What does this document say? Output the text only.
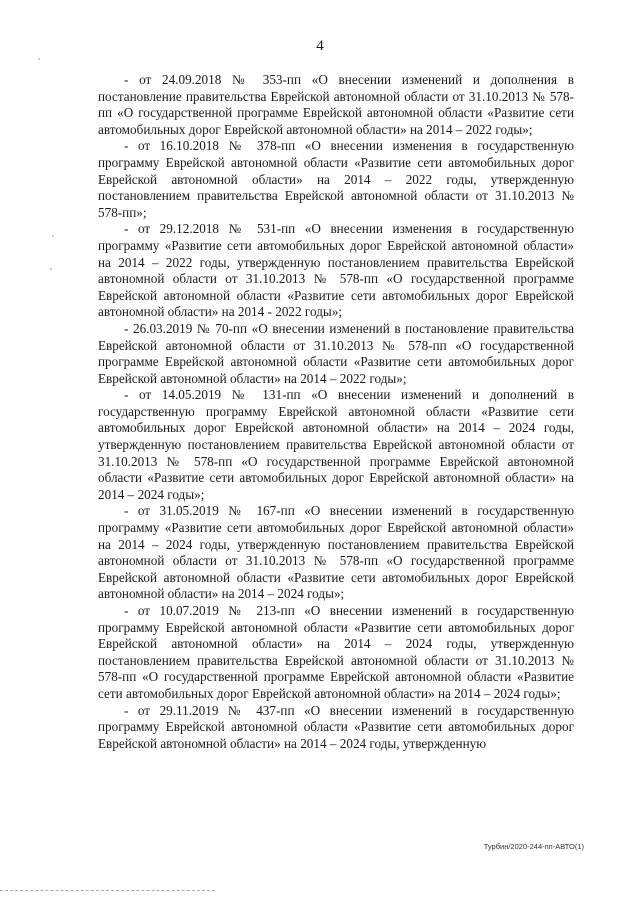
4

- от 24.09.2018 № 353-пп «О внесении изменений и дополнения в постановление правительства Еврейской автономной области от 31.10.2013 № 578-пп «О государственной программе Еврейской автономной области «Развитие сети автомобильных дорог Еврейской автономной области» на 2014 – 2022 годы»;

- от 16.10.2018 № 378-пп «О внесении изменения в государственную программу Еврейской автономной области «Развитие сети автомобильных дорог Еврейской автономной области» на 2014 – 2022 годы, утвержденную постановлением правительства Еврейской автономной области от 31.10.2013 № 578-пп»;

- от 29.12.2018 № 531-пп «О внесении изменения в государственную программу «Развитие сети автомобильных дорог Еврейской автономной области» на 2014 – 2022 годы, утвержденную постановлением правительства Еврейской автономной области от 31.10.2013 № 578-пп «О государственной программе Еврейской автономной области «Развитие сети автомобильных дорог Еврейской автономной области» на 2014 - 2022 годы»;

- 26.03.2019 № 70-пп «О внесении изменений в постановление правительства Еврейской автономной области от 31.10.2013 № 578-пп «О государственной программе Еврейской автономной области «Развитие сети автомобильных дорог Еврейской автономной области» на 2014 – 2022 годы»;

- от 14.05.2019 № 131-пп «О внесении изменений и дополнений в государственную программу Еврейской автономной области «Развитие сети автомобильных дорог Еврейской автономной области» на 2014 – 2024 годы, утвержденную постановлением правительства Еврейской автономной области от 31.10.2013 № 578-пп «О государственной программе Еврейской автономной области «Развитие сети автомобильных дорог Еврейской автономной области» на 2014 – 2024 годы»;

- от 31.05.2019 № 167-пп «О внесении изменений в государственную программу «Развитие сети автомобильных дорог Еврейской автономной области» на 2014 – 2024 годы, утвержденную постановлением правительства Еврейской автономной области от 31.10.2013 № 578-пп «О государственной программе Еврейской автономной области «Развитие сети автомобильных дорог Еврейской автономной области» на 2014 – 2024 годы»;

- от 10.07.2019 № 213-пп «О внесении изменений в государственную программу Еврейской автономной области «Развитие сети автомобильных дорог Еврейской автономной области» на 2014 – 2024 годы, утвержденную постановлением правительства Еврейской автономной области от 31.10.2013 № 578-пп «О государственной программе Еврейской автономной области «Развитие сети автомобильных дорог Еврейской автономной области» на 2014 – 2024 годы»;

- от 29.11.2019 № 437-пп «О внесении изменений в государственную программу Еврейской автономной области «Развитие сети автомобильных дорог Еврейской автономной области» на 2014 – 2024 годы, утвержденную

Турбин/2020-244-пп-АВТО(1)
